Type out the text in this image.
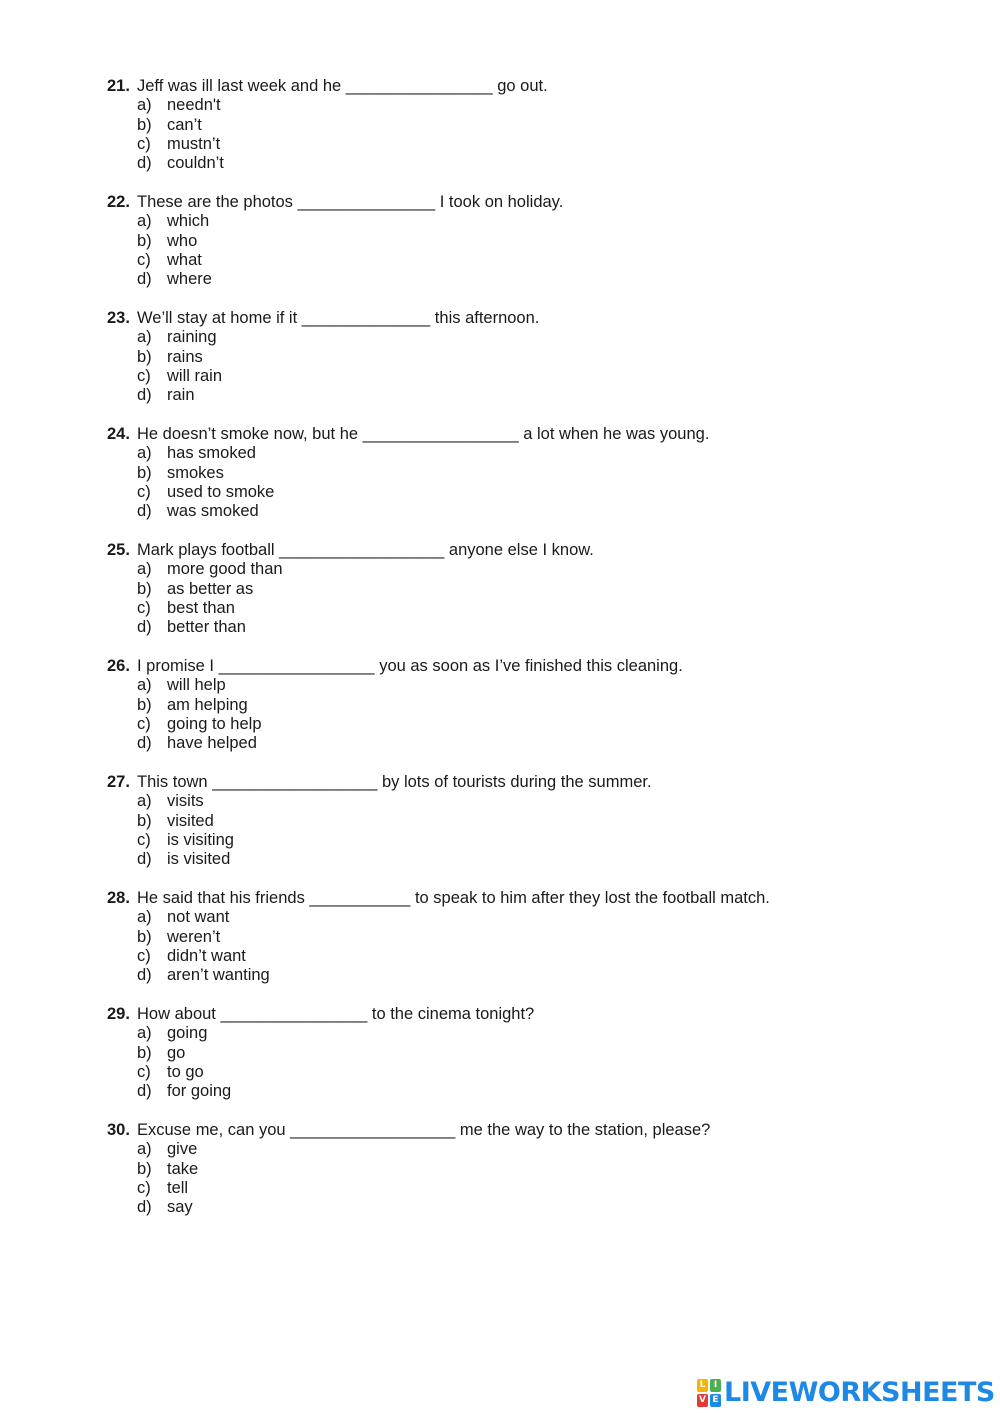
21. Jeff was ill last week and he ________________ go out.
a) needn't
b) can’t
c) mustn’t
d) couldn’t
22. These are the photos _______________ I took on holiday.
a) which
b) who
c) what
d) where
23. We’ll stay at home if it ______________ this afternoon.
a) raining
b) rains
c) will rain
d) rain
24. He doesn’t smoke now, but he _________________ a lot when he was young.
a) has smoked
b) smokes
c) used to smoke
d) was smoked
25. Mark plays football __________________ anyone else I know.
a) more good than
b) as better as
c) best than
d) better than
26. I promise I _________________ you as soon as I’ve finished this cleaning.
a) will help
b) am helping
c) going to help
d) have helped
27. This town __________________ by lots of tourists during the summer.
a) visits
b) visited
c) is visiting
d) is visited
28. He said that his friends ___________ to speak to him after they lost the football match.
a) not want
b) weren’t
c) didn’t want
d) aren’t wanting
29. How about ________________ to the cinema tonight?
a) going
b) go
c) to go
d) for going
30. Excuse me, can you __________________ me the way to the station, please?
a) give
b) take
c) tell
d) say
L I
V E LIVEWORKSHEETS
